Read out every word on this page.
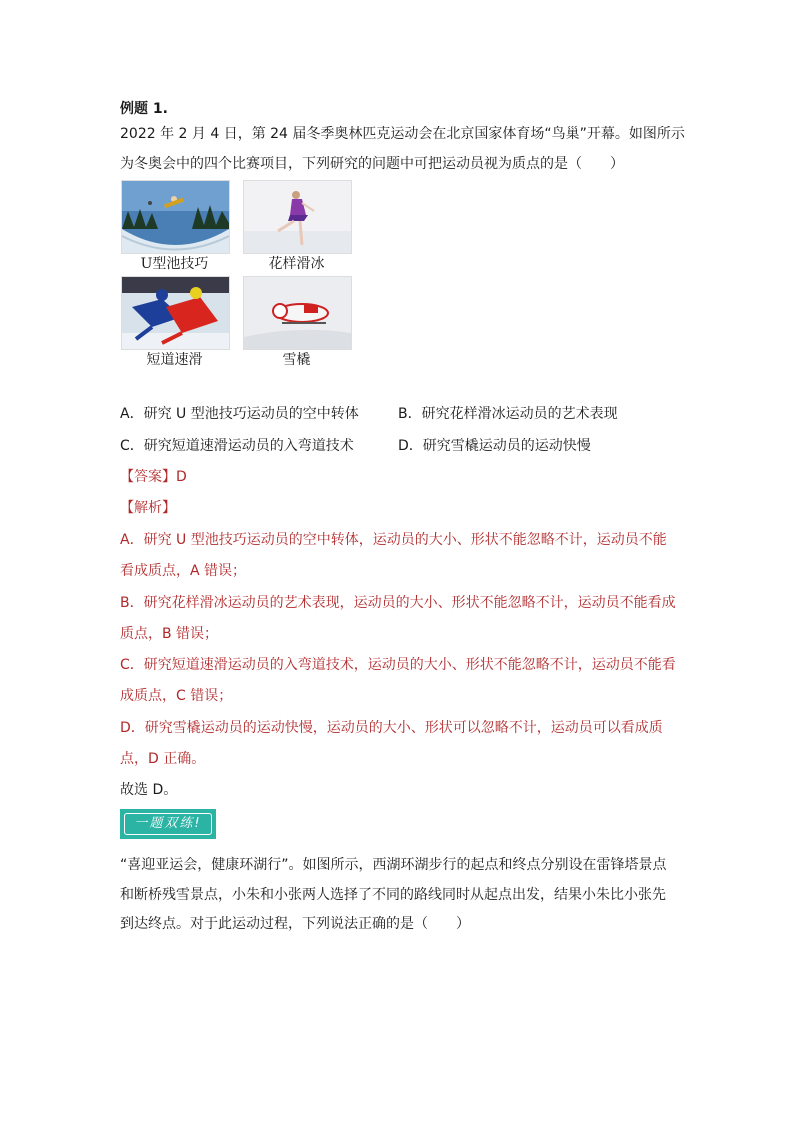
例题 1.
2022 年 2 月 4 日，第 24 届冬季奥林匹克运动会在北京国家体育场“鸟巢”开幕。如图所示
为冬奥会中的四个比赛项目，下列研究的问题中可把运动员视为质点的是（　　）
U型池技巧	花样滑冰
短道速滑	雪橇
A．研究 U 型池技巧运动员的空中转体	B．研究花样滑冰运动员的艺术表现
C．研究短道速滑运动员的入弯道技术	D．研究雪橇运动员的运动快慢
【答案】D
【解析】
A．研究 U 型池技巧运动员的空中转体，运动员的大小、形状不能忽略不计，运动员不能
看成质点，A 错误；
B．研究花样滑冰运动员的艺术表现，运动员的大小、形状不能忽略不计，运动员不能看成
质点，B 错误；
C．研究短道速滑运动员的入弯道技术，运动员的大小、形状不能忽略不计，运动员不能看
成质点，C 错误；
D．研究雪橇运动员的运动快慢，运动员的大小、形状可以忽略不计，运动员可以看成质
点，D 正确。
故选 D。
一题双练!
“喜迎亚运会，健康环湖行”。如图所示，西湖环湖步行的起点和终点分别设在雷锋塔景点
和断桥残雪景点，小朱和小张两人选择了不同的路线同时从起点出发，结果小朱比小张先
到达终点。对于此运动过程，下列说法正确的是（　　）
